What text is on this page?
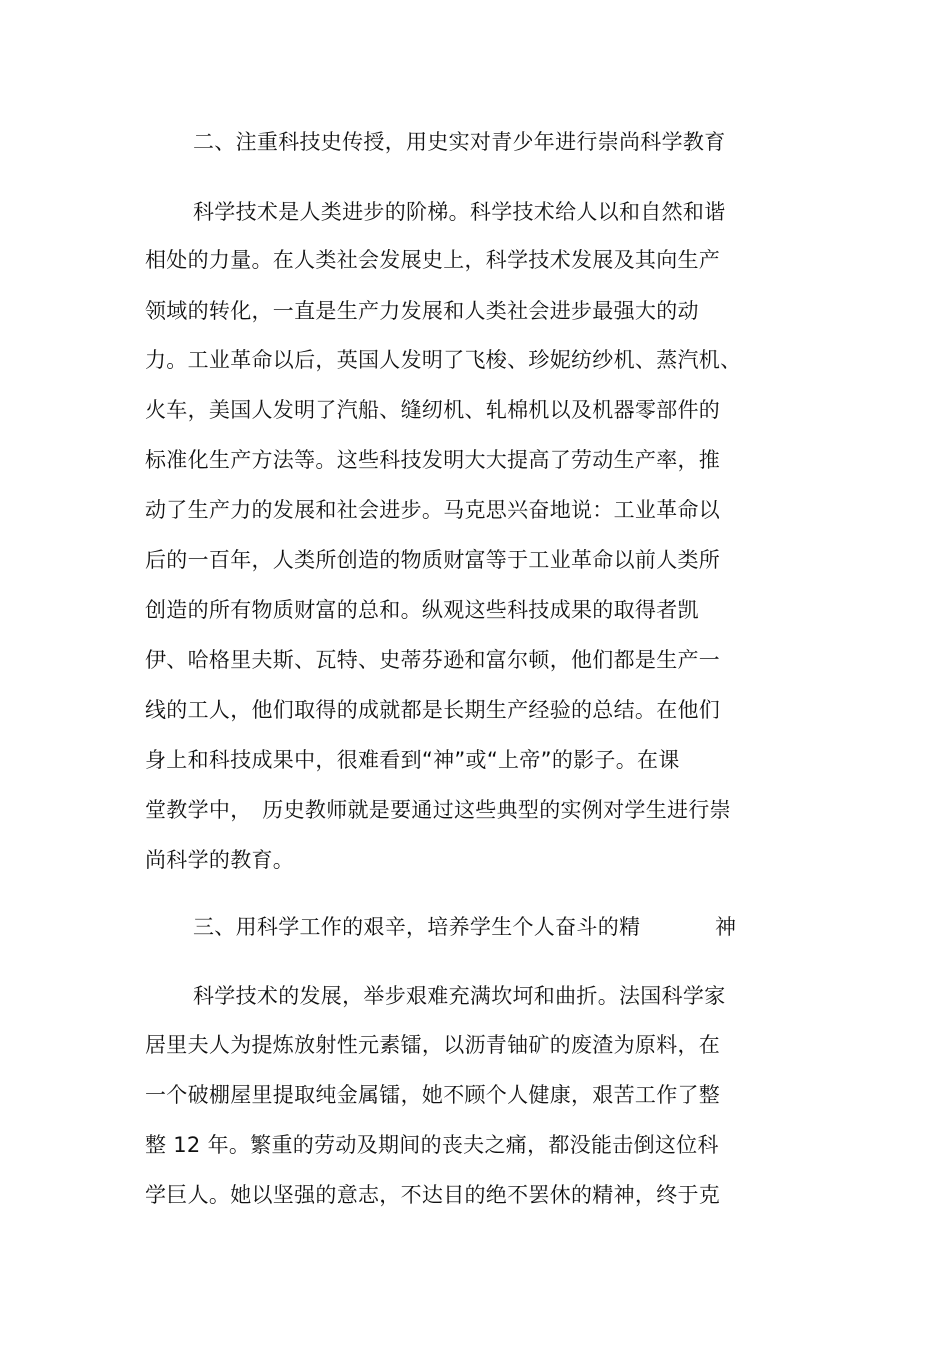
二、注重科技史传授，用史实对青少年进行崇尚科学教育
科学技术是人类进步的阶梯。科学技术给人以和自然和谐
相处的力量。在人类社会发展史上，科学技术发展及其向生产
领域的转化，一直是生产力发展和人类社会进步最强大的动
力。工业革命以后，英国人发明了飞梭、珍妮纺纱机、蒸汽机、
火车，美国人发明了汽船、缝纫机、轧棉机以及机器零部件的
标准化生产方法等。这些科技发明大大提高了劳动生产率，推
动了生产力的发展和社会进步。马克思兴奋地说：工业革命以
后的一百年，人类所创造的物质财富等于工业革命以前人类所
创造的所有物质财富的总和。纵观这些科技成果的取得者凯
伊、哈格里夫斯、瓦特、史蒂芬逊和富尔顿，他们都是生产一
线的工人，他们取得的成就都是长期生产经验的总结。在他们
身上和科技成果中，很难看到“神”或“上帝”的影子。在课
堂教学中，　历史教师就是要通过这些典型的实例对学生进行崇
尚科学的教育。
三、用科学工作的艰辛，培养学生个人奋斗的精	神
科学技术的发展，举步艰难充满坎坷和曲折。法国科学家
居里夫人为提炼放射性元素镭，以沥青铀矿的废渣为原料，在
一个破棚屋里提取纯金属镭，她不顾个人健康，艰苦工作了整
整 12 年。繁重的劳动及期间的丧夫之痛，都没能击倒这位科
学巨人。她以坚强的意志，不达目的绝不罢休的精神，终于克
